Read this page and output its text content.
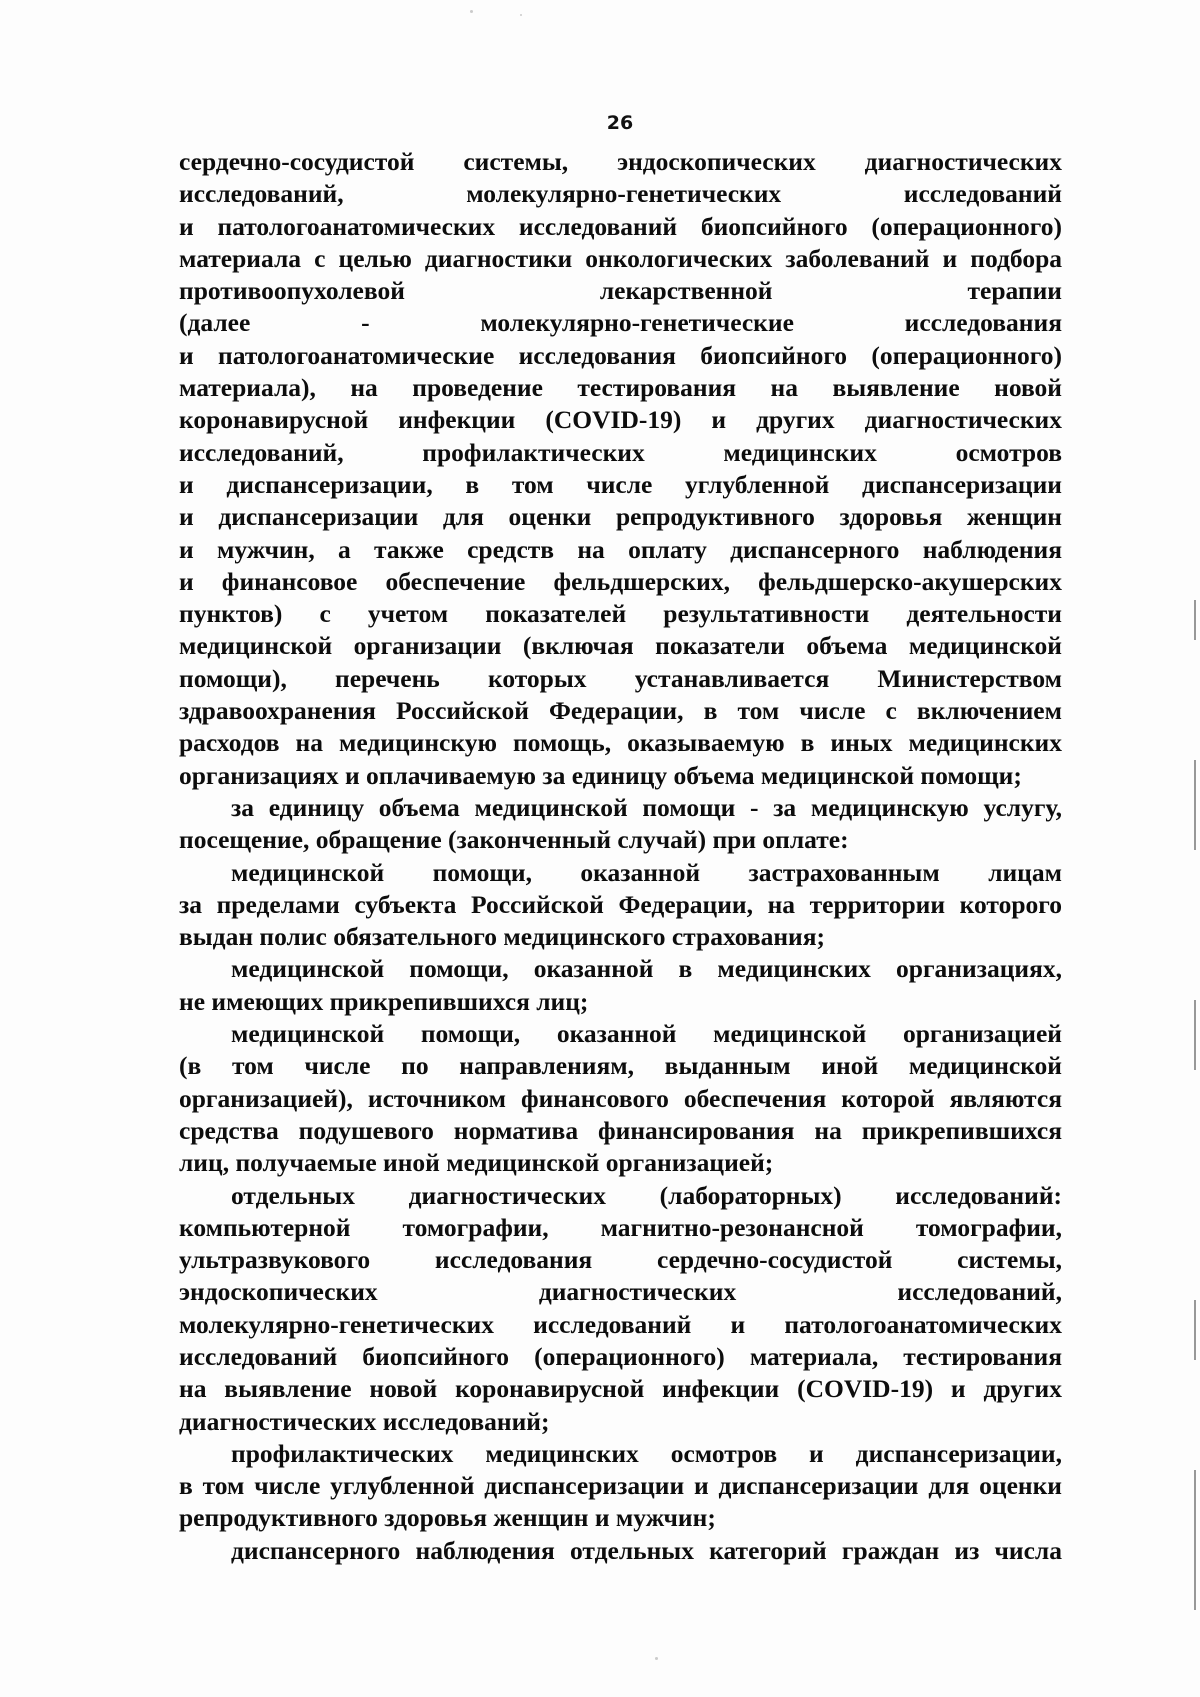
26
сердечно-сосудистой системы, эндоскопических диагностических
исследований, молекулярно-генетических исследований
и патологоанатомических исследований биопсийного (операционного)
материала с целью диагностики онкологических заболеваний и подбора
противоопухолевой лекарственной терапии
(далее - молекулярно-генетические исследования
и патологоанатомические исследования биопсийного (операционного)
материала), на проведение тестирования на выявление новой
коронавирусной инфекции (COVID-19) и других диагностических
исследований, профилактических медицинских осмотров
и диспансеризации, в том числе углубленной диспансеризации
и диспансеризации для оценки репродуктивного здоровья женщин
и мужчин, а также средств на оплату диспансерного наблюдения
и финансовое обеспечение фельдшерских, фельдшерско-акушерских
пунктов) с учетом показателей результативности деятельности
медицинской организации (включая показатели объема медицинской
помощи), перечень которых устанавливается Министерством
здравоохранения Российской Федерации, в том числе с включением
расходов на медицинскую помощь, оказываемую в иных медицинских
организациях и оплачиваемую за единицу объема медицинской помощи;
за единицу объема медицинской помощи - за медицинскую услугу,
посещение, обращение (законченный случай) при оплате:
медицинской помощи, оказанной застрахованным лицам
за пределами субъекта Российской Федерации, на территории которого
выдан полис обязательного медицинского страхования;
медицинской помощи, оказанной в медицинских организациях,
не имеющих прикрепившихся лиц;
медицинской помощи, оказанной медицинской организацией
(в том числе по направлениям, выданным иной медицинской
организацией), источником финансового обеспечения которой являются
средства подушевого норматива финансирования на прикрепившихся
лиц, получаемые иной медицинской организацией;
отдельных диагностических (лабораторных) исследований:
компьютерной томографии, магнитно-резонансной томографии,
ультразвукового исследования сердечно-сосудистой системы,
эндоскопических диагностических исследований,
молекулярно-генетических исследований и патологоанатомических
исследований биопсийного (операционного) материала, тестирования
на выявление новой коронавирусной инфекции (COVID-19) и других
диагностических исследований;
профилактических медицинских осмотров и диспансеризации,
в том числе углубленной диспансеризации и диспансеризации для оценки
репродуктивного здоровья женщин и мужчин;
диспансерного наблюдения отдельных категорий граждан из числа
